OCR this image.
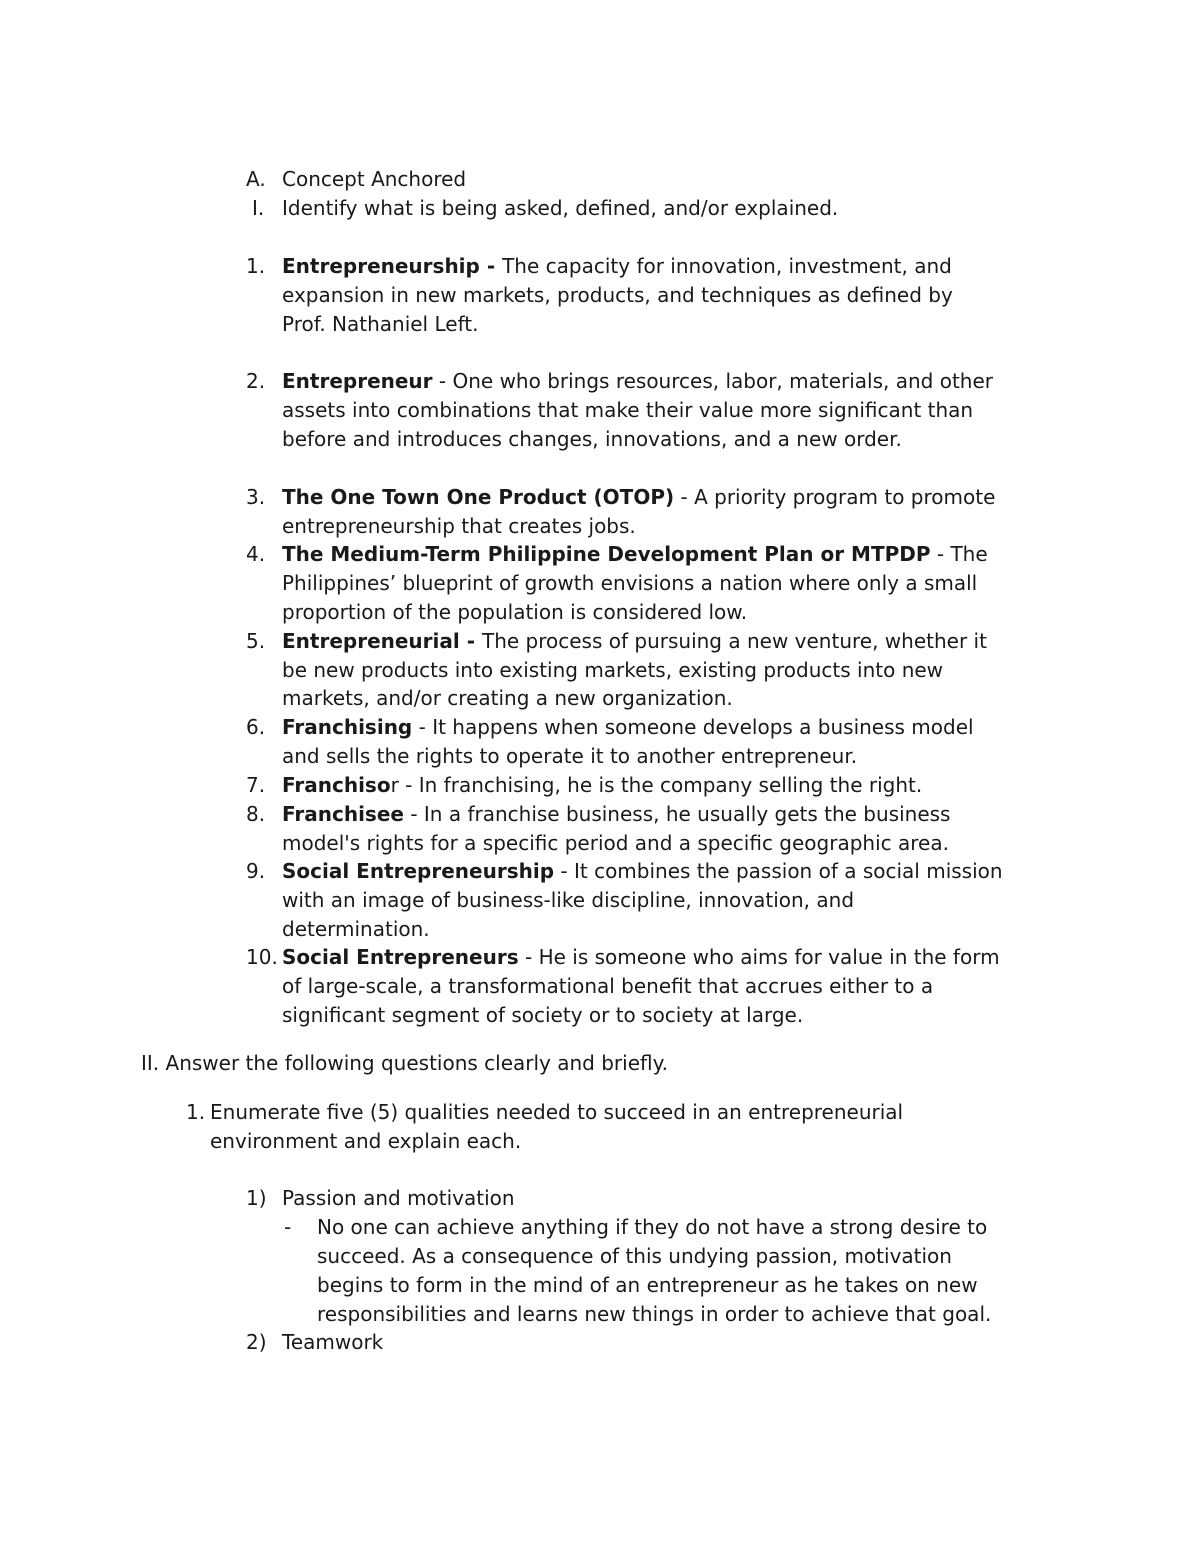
A. Concept Anchored
I. Identify what is being asked, defined, and/or explained.
1. Entrepreneurship - The capacity for innovation, investment, and
expansion in new markets, products, and techniques as defined by
Prof. Nathaniel Left.
2. Entrepreneur - One who brings resources, labor, materials, and other
assets into combinations that make their value more significant than
before and introduces changes, innovations, and a new order.
3. The One Town One Product (OTOP) - A priority program to promote
entrepreneurship that creates jobs.
4. The Medium-Term Philippine Development Plan or MTPDP - The
Philippines’ blueprint of growth envisions a nation where only a small
proportion of the population is considered low.
5. Entrepreneurial - The process of pursuing a new venture, whether it
be new products into existing markets, existing products into new
markets, and/or creating a new organization.
6. Franchising - It happens when someone develops a business model
and sells the rights to operate it to another entrepreneur.
7. Franchisor - In franchising, he is the company selling the right.
8. Franchisee - In a franchise business, he usually gets the business
model's rights for a specific period and a specific geographic area.
9. Social Entrepreneurship - It combines the passion of a social mission
with an image of business-like discipline, innovation, and
determination.
10. Social Entrepreneurs - He is someone who aims for value in the form
of large-scale, a transformational benefit that accrues either to a
significant segment of society or to society at large.
II. Answer the following questions clearly and briefly.
1. Enumerate five (5) qualities needed to succeed in an entrepreneurial
environment and explain each.
1) Passion and motivation
- No one can achieve anything if they do not have a strong desire to
succeed. As a consequence of this undying passion, motivation
begins to form in the mind of an entrepreneur as he takes on new
responsibilities and learns new things in order to achieve that goal.
2) Teamwork
